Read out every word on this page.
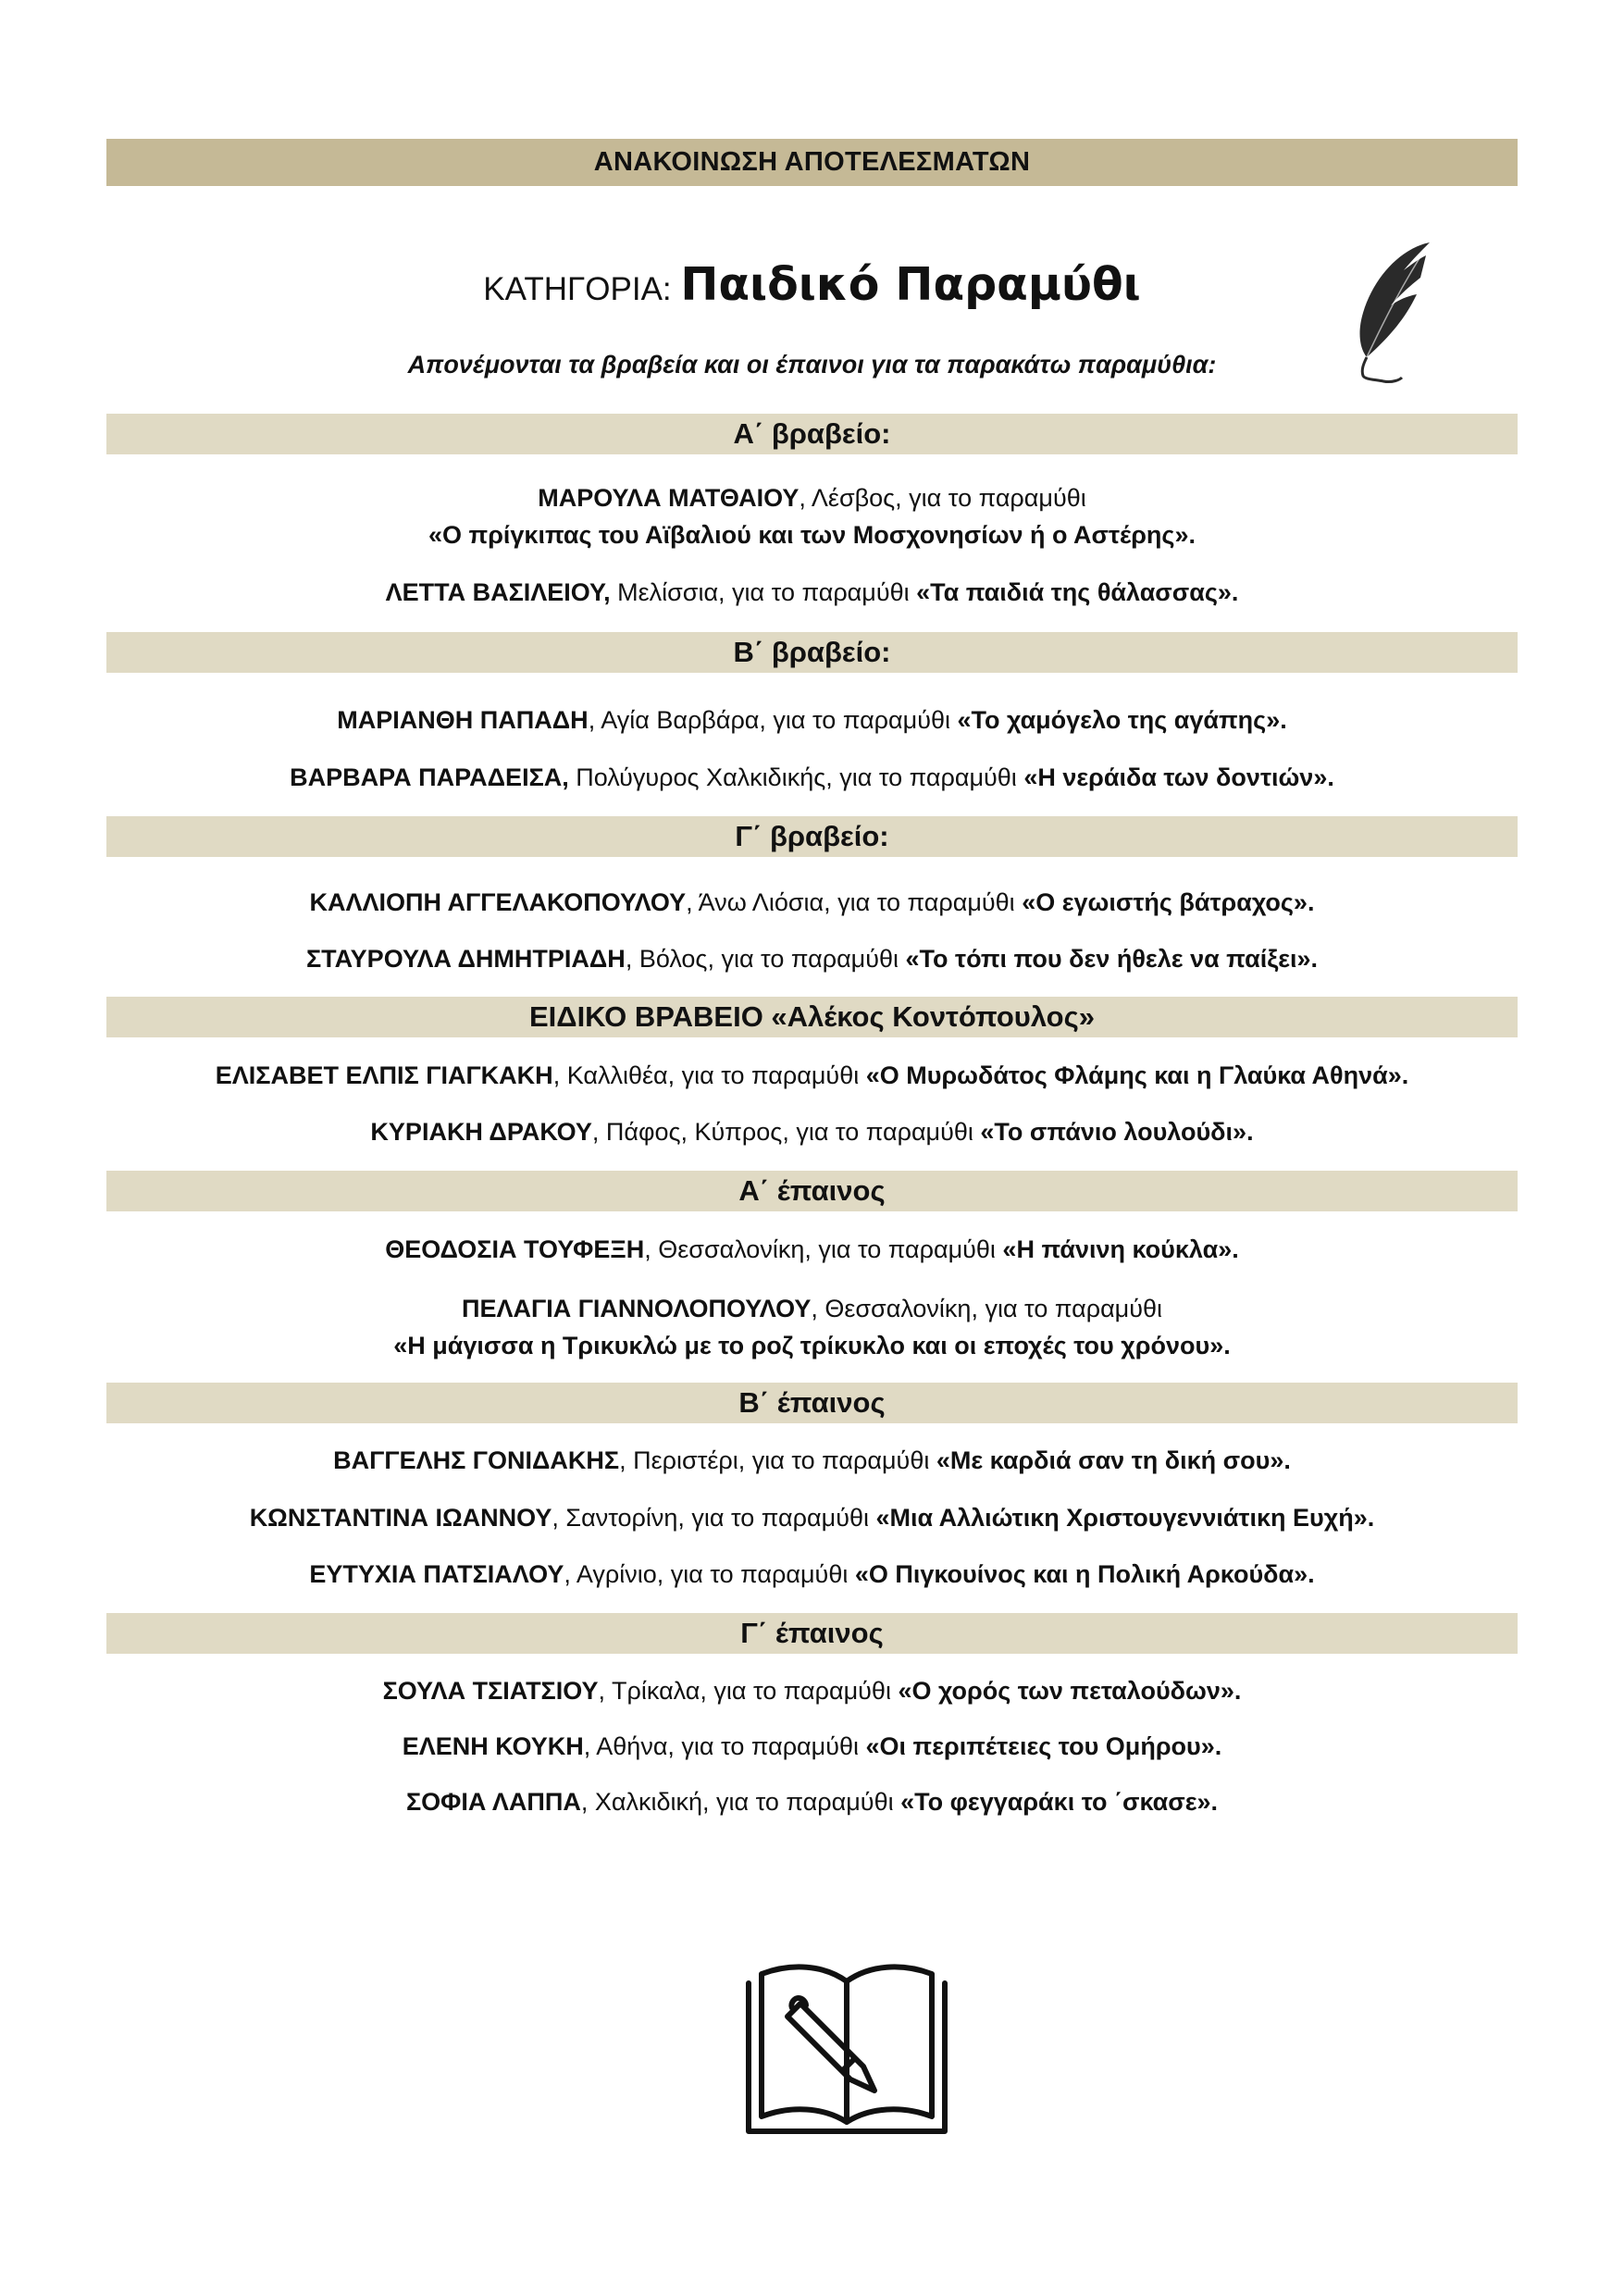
ΑΝΑΚΟΙΝΩΣΗ ΑΠΟΤΕΛΕΣΜΑΤΩΝ
ΚΑΤΗΓΟΡΙΑ: Παιδικό Παραμύθι
Απονέμονται τα βραβεία και οι έπαινοι για τα παρακάτω παραμύθια:
Α΄ βραβείο:
ΜΑΡΟΥΛΑ ΜΑΤΘΑΙΟΥ, Λέσβος, για το παραμύθι
«Ο πρίγκιπας του Αϊβαλιού και των Μοσχονησίων ή ο Αστέρης».
ΛΕΤΤΑ ΒΑΣΙΛΕΙΟΥ, Μελίσσια, για το παραμύθι «Τα παιδιά της θάλασσας».
Β΄ βραβείο:
ΜΑΡΙΑΝΘΗ ΠΑΠΑΔΗ, Αγία Βαρβάρα, για το παραμύθι «Το χαμόγελο της αγάπης».
ΒΑΡΒΑΡΑ ΠΑΡΑΔΕΙΣΑ, Πολύγυρος Χαλκιδικής, για το παραμύθι «Η νεράιδα των δοντιών».
Γ΄ βραβείο:
ΚΑΛΛΙΟΠΗ ΑΓΓΕΛΑΚΟΠΟΥΛΟΥ, Άνω Λιόσια, για το παραμύθι «Ο εγωιστής βάτραχος».
ΣΤΑΥΡΟΥΛΑ ΔΗΜΗΤΡΙΑΔΗ, Βόλος, για το παραμύθι «Το τόπι που δεν ήθελε να παίξει».
ΕΙΔΙΚΟ ΒΡΑΒΕΙΟ «Αλέκος Κοντόπουλος»
ΕΛΙΣΑΒΕΤ ΕΛΠΙΣ ΓΙΑΓΚΑΚΗ, Καλλιθέα, για το παραμύθι «Ο Μυρωδάτος Φλάμης και η Γλαύκα Αθηνά».
ΚΥΡΙΑΚΗ ΔΡΑΚΟΥ, Πάφος, Κύπρος, για το παραμύθι «Το σπάνιο λουλούδι».
Α΄ έπαινος
ΘΕΟΔΟΣΙΑ ΤΟΥΦΕΞΗ, Θεσσαλονίκη, για το παραμύθι «Η πάνινη κούκλα».
ΠΕΛΑΓΙΑ ΓΙΑΝΝΟΛΟΠΟΥΛΟΥ, Θεσσαλονίκη, για το παραμύθι
«Η μάγισσα η Τρικυκλώ με το ροζ τρίκυκλο και οι εποχές του χρόνου».
Β΄ έπαινος
ΒΑΓΓΕΛΗΣ ΓΟΝΙΔΑΚΗΣ, Περιστέρι, για το παραμύθι «Με καρδιά σαν τη δική σου».
ΚΩΝΣΤΑΝΤΙΝΑ ΙΩΑΝΝΟΥ, Σαντορίνη, για το παραμύθι «Μια Αλλιώτικη Χριστουγεννιάτικη Ευχή».
ΕΥΤΥΧΙΑ ΠΑΤΣΙΑΛΟΥ, Αγρίνιο, για το παραμύθι «Ο Πιγκουίνος και η Πολική Αρκούδα».
Γ΄ έπαινος
ΣΟΥΛΑ ΤΣΙΑΤΣΙΟΥ, Τρίκαλα, για το παραμύθι «Ο χορός των πεταλούδων».
ΕΛΕΝΗ ΚΟΥΚΗ, Αθήνα, για το παραμύθι «Οι περιπέτειες του Ομήρου».
ΣΟΦΙΑ ΛΑΠΠΑ, Χαλκιδική, για το παραμύθι «Το φεγγαράκι το ΄σκασε».
